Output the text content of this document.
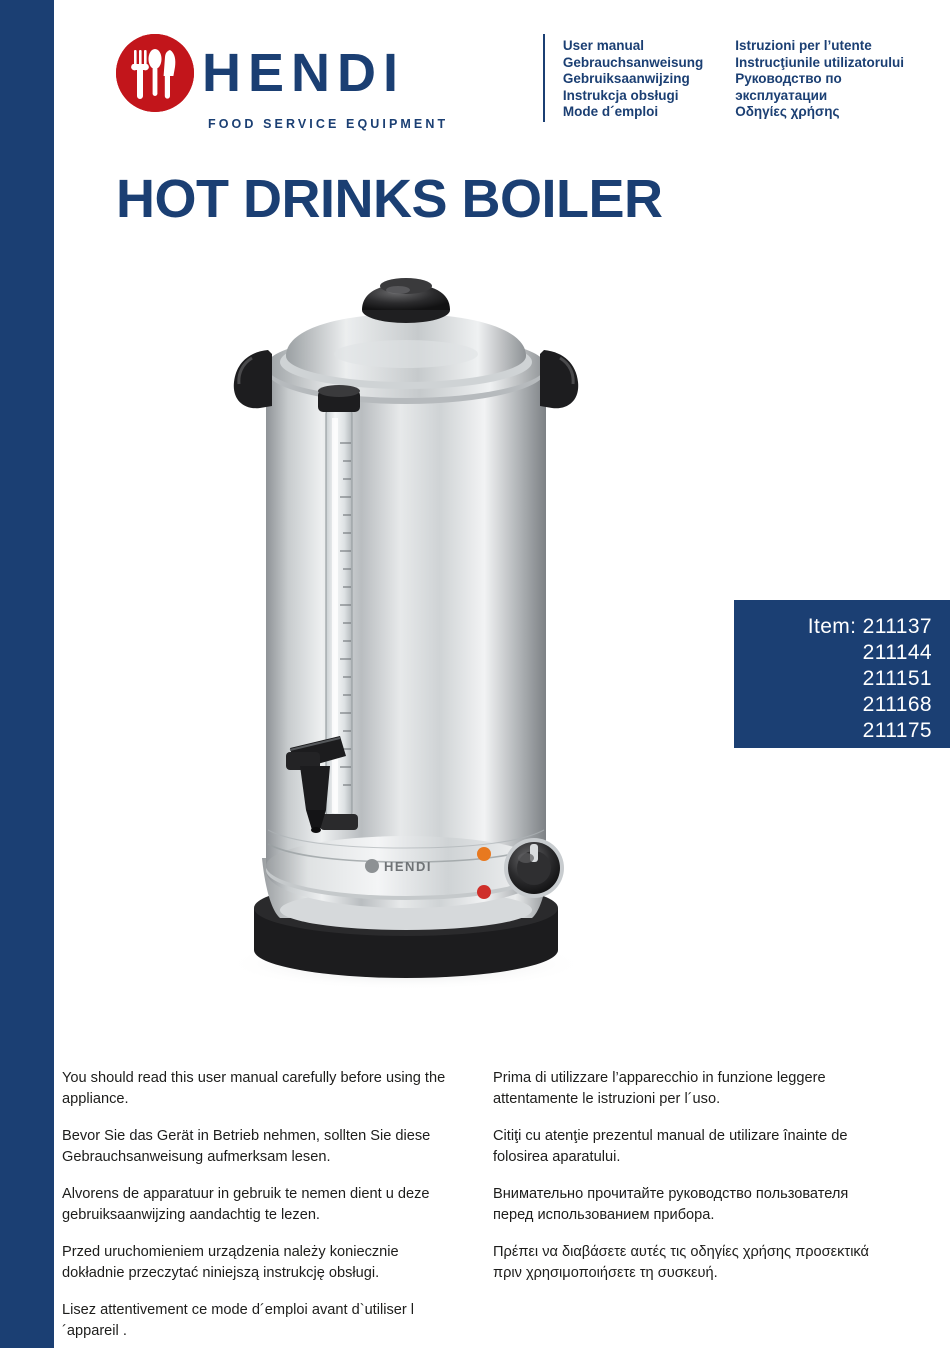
HENDI
FOOD SERVICE EQUIPMENT
User manual
Gebrauchsanweisung
Gebruiksaanwijzing
Instrukcja obsługi
Mode d´emploi
Istruzioni per l’utente
Instrucţiunile utilizatorului
Руководство по эксплуатации
Οδηγίες χρήσης
HOT DRINKS BOILER
HENDI
Item: 211137
211144
211151
211168
211175

You should read this user manual carefully before using the appliance.

Bevor Sie das Gerät in Betrieb nehmen, sollten Sie diese Gebrauchsanweisung aufmerksam lesen.

Alvorens de apparatuur in gebruik te nemen dient u deze gebruiksaanwijzing aandachtig te lezen.

Przed uruchomieniem urządzenia należy koniecznie dokładnie przeczytać niniejszą instrukcję obsługi.

Lisez attentivement ce mode d´emploi avant d`utiliser l´appareil .

Prima di utilizzare l’apparecchio in funzione leggere attentamente le istruzioni per l´uso.

Citiţi cu atenţie prezentul manual de utilizare înainte de folosirea aparatului.

Внимательно прочитайте руководство пользователя перед использованием прибора.

Πρέπει να διαβάσετε αυτές τις οδηγίες χρήσης προσεκτικά πριν χρησιμοποιήσετε τη συσκευή.
